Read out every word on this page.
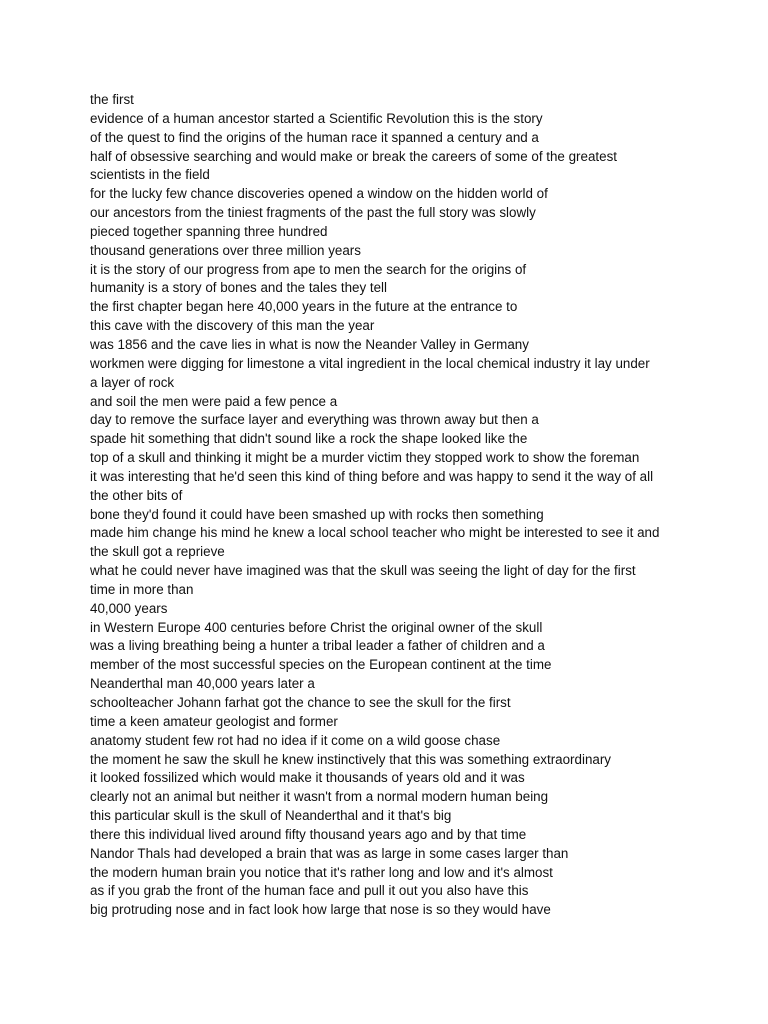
the first
evidence of a human ancestor started a Scientific Revolution this is the story
of the quest to find the origins of the human race it spanned a century and a
half of obsessive searching and would make or break the careers of some of the greatest
scientists in the field
for the lucky few chance discoveries opened a window on the hidden world of
our ancestors from the tiniest fragments of the past the full story was slowly
pieced together spanning three hundred
thousand generations over three million years
it is the story of our progress from ape to men the search for the origins of
humanity is a story of bones and the tales they tell
the first chapter began here 40,000 years in the future at the entrance to
this cave with the discovery of this man the year
was 1856 and the cave lies in what is now the Neander Valley in Germany
workmen were digging for limestone a vital ingredient in the local chemical industry it lay under
a layer of rock
and soil the men were paid a few pence a
day to remove the surface layer and everything was thrown away but then a
spade hit something that didn't sound like a rock the shape looked like the
top of a skull and thinking it might be a murder victim they stopped work to show the foreman
it was interesting that he'd seen this kind of thing before and was happy to send it the way of all
the other bits of
bone they'd found it could have been smashed up with rocks then something
made him change his mind he knew a local school teacher who might be interested to see it and
the skull got a reprieve
what he could never have imagined was that the skull was seeing the light of day for the first
time in more than
40,000 years
in Western Europe 400 centuries before Christ the original owner of the skull
was a living breathing being a hunter a tribal leader a father of children and a
member of the most successful species on the European continent at the time
Neanderthal man 40,000 years later a
schoolteacher Johann farhat got the chance to see the skull for the first
time a keen amateur geologist and former
anatomy student few rot had no idea if it come on a wild goose chase
the moment he saw the skull he knew instinctively that this was something extraordinary
it looked fossilized which would make it thousands of years old and it was
clearly not an animal but neither it wasn't from a normal modern human being
this particular skull is the skull of Neanderthal and it that's big
there this individual lived around fifty thousand years ago and by that time
Nandor Thals had developed a brain that was as large in some cases larger than
the modern human brain you notice that it's rather long and low and it's almost
as if you grab the front of the human face and pull it out you also have this
big protruding nose and in fact look how large that nose is so they would have
